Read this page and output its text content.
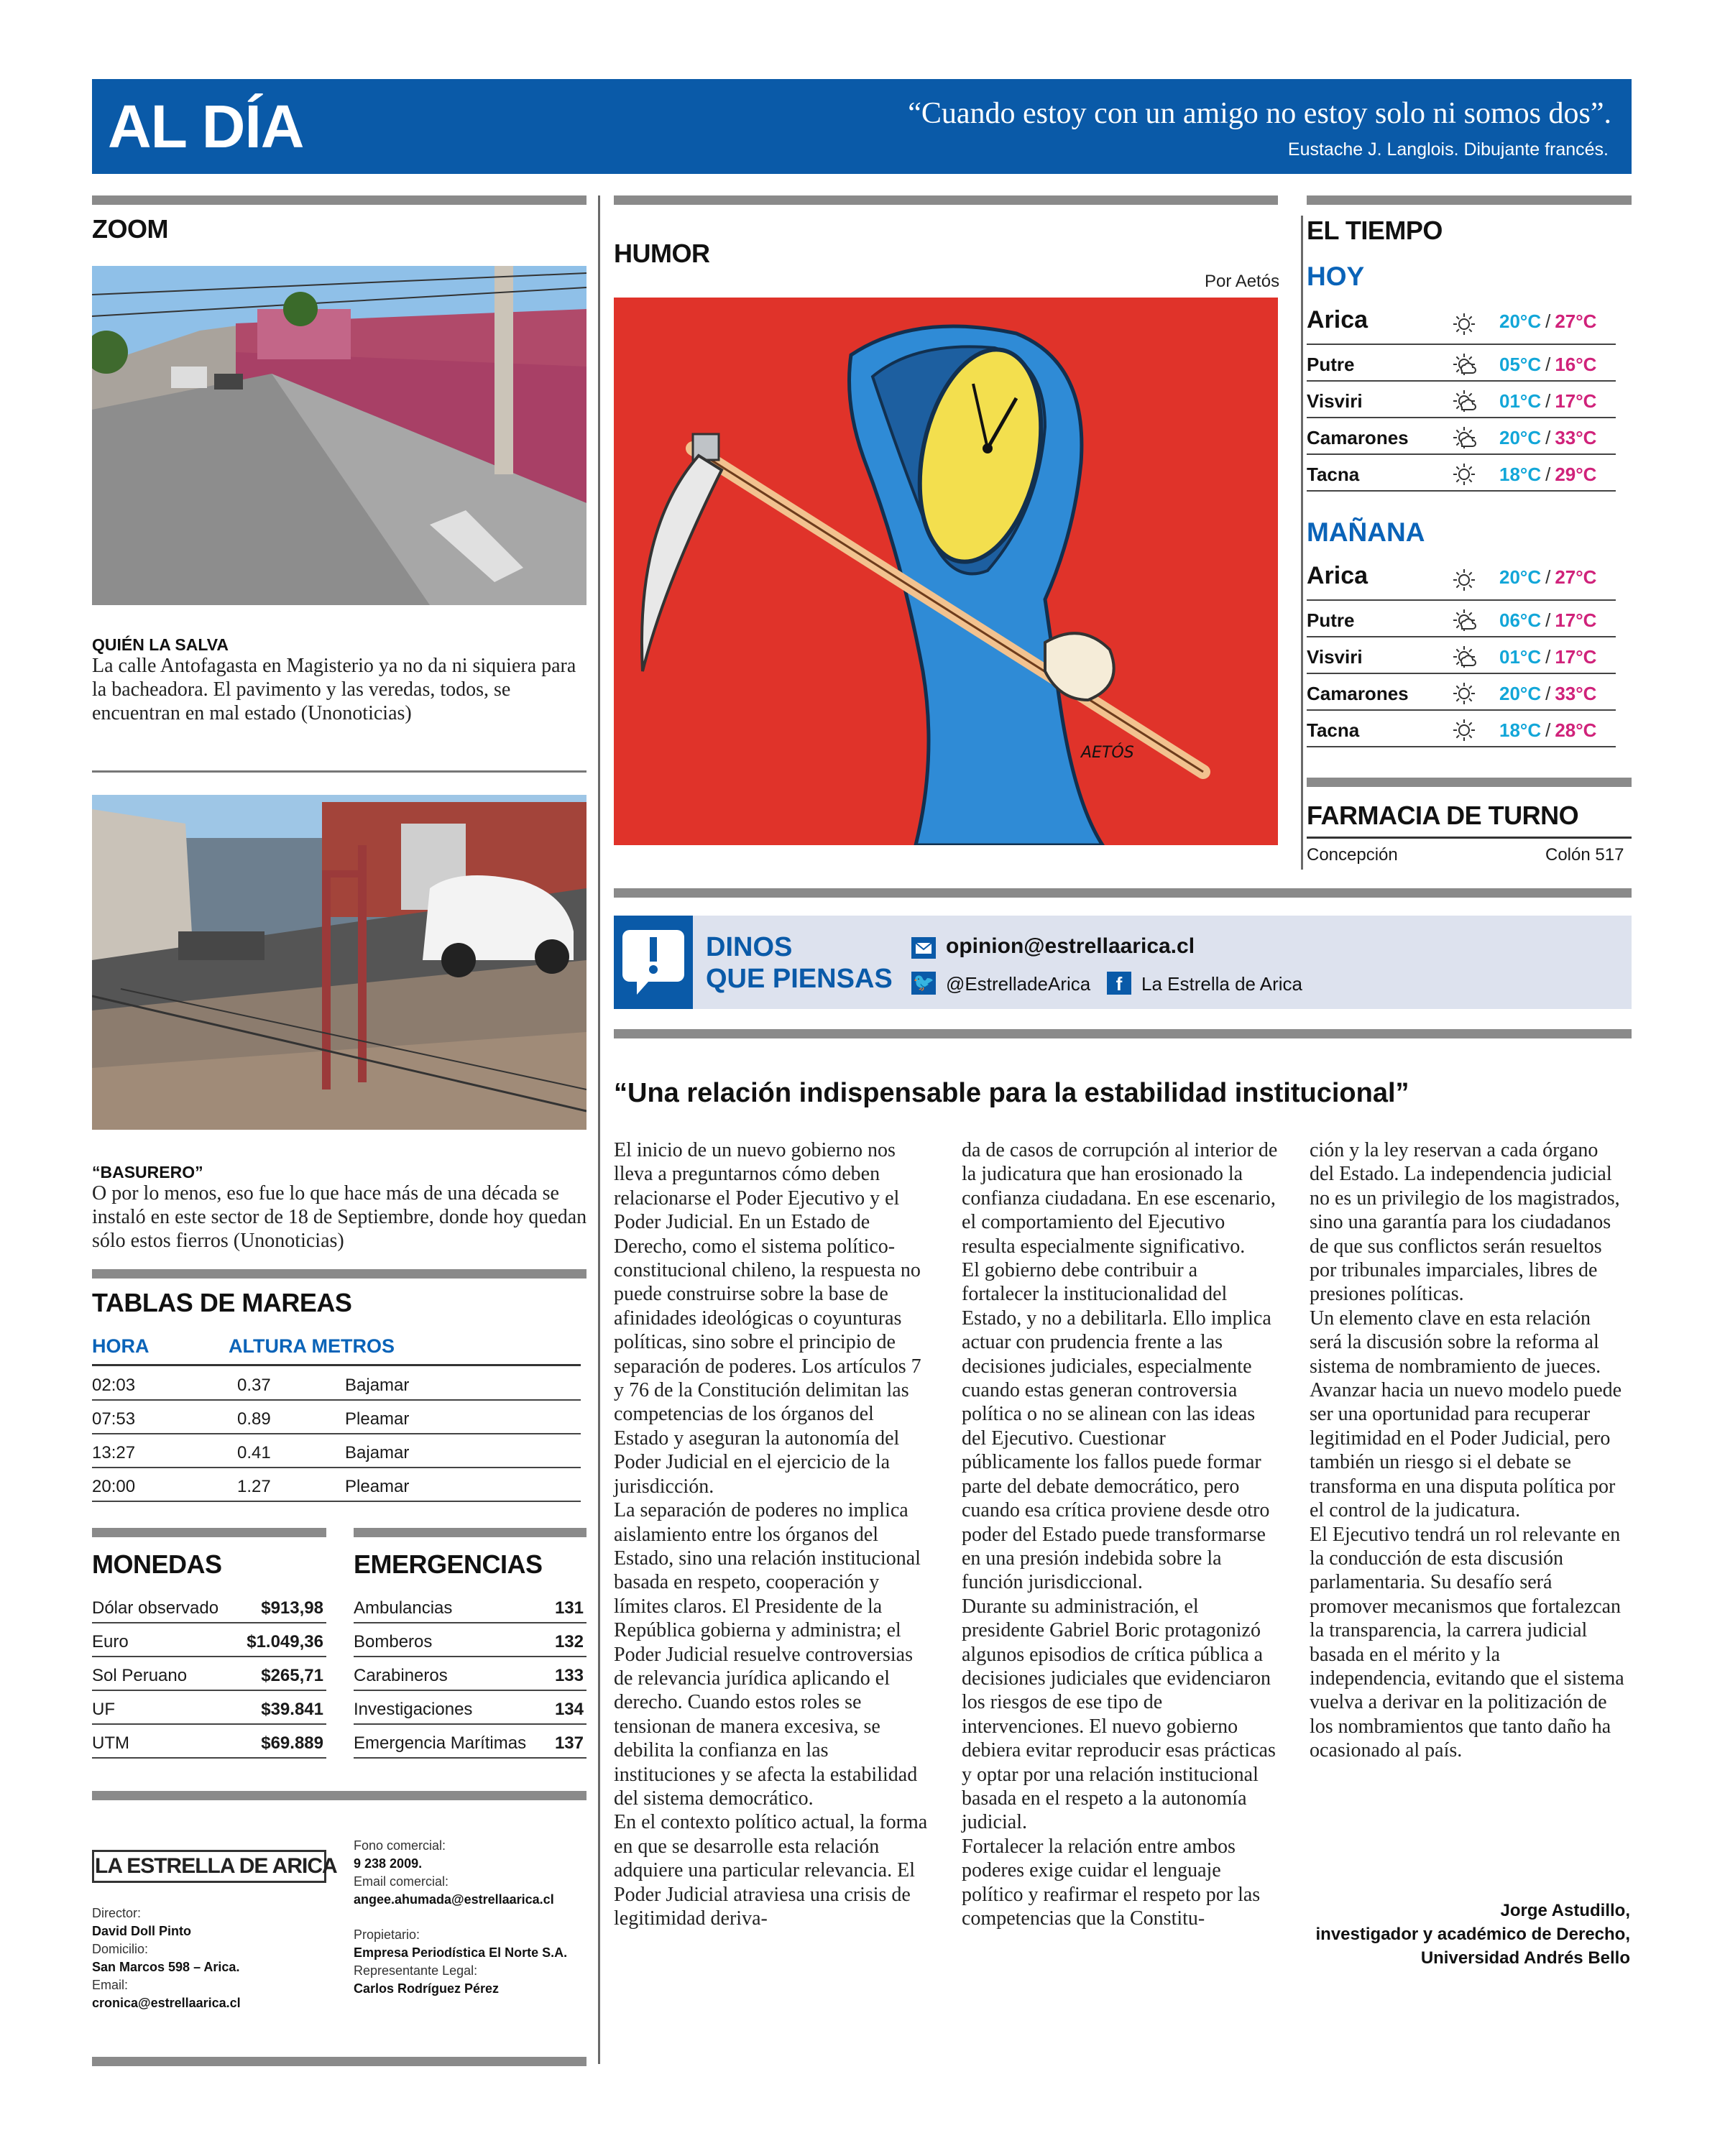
AL DÍA	“Cuando estoy con un amigo no estoy solo ni somos dos”.
Eustache J. Langlois. Dibujante francés.
ZOOM
QUIÉN LA SALVA
La calle Antofagasta en Magisterio ya no da ni siquiera para la bacheadora. El pavimento y las veredas, todos, se encuentran en mal estado (Unonoticias)
“BASURERO”
O por lo menos, eso fue lo que hace más de una década se instaló en este sector de 18 de Septiembre, donde hoy quedan sólo estos fierros (Unonoticias)
TABLAS DE MAREAS
HORA	ALTURA METROS
02:03	0.37	Bajamar
07:53	0.89	Pleamar
13:27	0.41	Bajamar
20:00	1.27	Pleamar
MONEDAS	EMERGENCIAS
Dólar observado $913,98
Euro	$1.049,36
Sol Peruano	$265,71
UF	$39.841
UTM	$69.889
Ambulancias	131
Bomberos	132
Carabineros	133
Investigaciones	134
Emergencia Marítimas 137
LA ESTRELLA DE ARICA
Director:
David Doll Pinto
Domicilio:
San Marcos 598 – Arica.
Email:
cronica@estrellaarica.cl
Fono comercial:
9 238 2009.
Email comercial:
angee.ahumada@estrellaarica.cl
Propietario:
Empresa Periodística El Norte S.A.
Representante Legal:
Carlos Rodríguez Pérez
HUMOR
Por Aetós
AETÓS
EL TIEMPO
HOY
Arica	20°C / 27°C
Putre	05°C / 16°C
Visviri	01°C / 17°C
Camarones	20°C / 33°C
Tacna	18°C / 29°C
MAÑANA
Arica	20°C / 27°C
Putre	06°C / 17°C
Visviri	01°C / 17°C
Camarones	20°C / 33°C
Tacna	18°C / 28°C
FARMACIA DE TURNO
Concepción	Colón 517
DINOS
QUE PIENSAS
opinion@estrellaarica.cl
🐦 @EstrelladeArica	f	La Estrella de Arica
“Una relación indispensable para la estabilidad institucional”

El inicio de un nuevo gobierno nos lleva a preguntarnos cómo deben relacionarse el Poder Ejecutivo y el Poder Judicial. En un Estado de Derecho, como el sistema político-constitucional chileno, la respuesta no puede construirse sobre la base de afinidades ideológicas o coyunturas políticas, sino sobre el principio de separación de poderes. Los artículos 7 y 76 de la Constitución delimitan las competencias de los órganos del Estado y aseguran la autonomía del Poder Judicial en el ejercicio de la jurisdicción.

La separación de poderes no implica aislamiento entre los órganos del Estado, sino una relación institucional basada en respeto, cooperación y límites claros. El Presidente de la República gobierna y administra; el Poder Judicial resuelve controversias de relevancia jurídica aplicando el derecho. Cuando estos roles se tensionan de manera excesiva, se debilita la confianza en las instituciones y se afecta la estabilidad del sistema democrático.

En el contexto político actual, la forma en que se desarrolle esta relación adquiere una particular relevancia. El Poder Judicial atraviesa una crisis de legitimidad deriva-

da de casos de corrupción al interior de la judicatura que han erosionado la confianza ciudadana. En ese escenario, el comportamiento del Ejecutivo resulta especialmente significativo.

El gobierno debe contribuir a fortalecer la institucionalidad del Estado, y no a debilitarla. Ello implica actuar con prudencia frente a las decisiones judiciales, especialmente cuando estas generan controversia política o no se alinean con las ideas del Ejecutivo. Cuestionar públicamente los fallos puede formar parte del debate democrático, pero cuando esa crítica proviene desde otro poder del Estado puede transformarse en una presión indebida sobre la función jurisdiccional.

Durante su administración, el presidente Gabriel Boric protagonizó algunos episodios de crítica pública a decisiones judiciales que evidenciaron los riesgos de ese tipo de intervenciones. El nuevo gobierno debiera evitar reproducir esas prácticas y optar por una relación institucional basada en el respeto a la autonomía judicial.

Fortalecer la relación entre ambos poderes exige cuidar el lenguaje político y reafirmar el respeto por las competencias que la Constitu-

ción y la ley reservan a cada órgano del Estado. La independencia judicial no es un privilegio de los magistrados, sino una garantía para los ciudadanos de que sus conflictos serán resueltos por tribunales imparciales, libres de presiones políticas.

Un elemento clave en esta relación será la discusión sobre la reforma al sistema de nombramiento de jueces. Avanzar hacia un nuevo modelo puede ser una oportunidad para recuperar legitimidad en el Poder Judicial, pero también un riesgo si el debate se transforma en una disputa política por el control de la judicatura.

El Ejecutivo tendrá un rol relevante en la conducción de esta discusión parlamentaria. Su desafío será promover mecanismos que fortalezcan la transparencia, la carrera judicial basada en el mérito y la independencia, evitando que el sistema vuelva a derivar en la politización de los nombramientos que tanto daño ha ocasionado al país.

Jorge Astudillo,
investigador y académico de Derecho,
Universidad Andrés Bello
